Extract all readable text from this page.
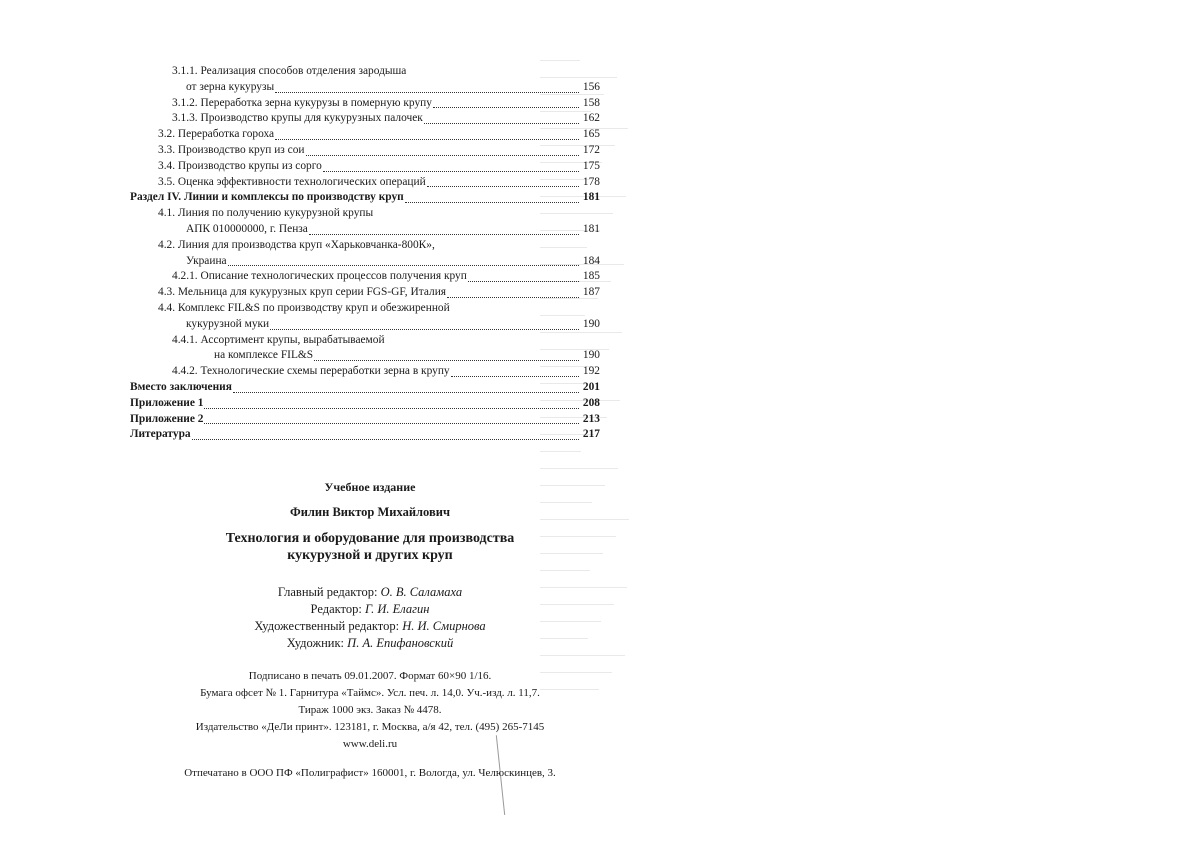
3.1.1. Реализация способов отделения зародыша
от зерна кукурузы	156
3.1.2. Переработка зерна кукурузы в померную крупу	158
3.1.3. Производство крупы для кукурузных палочек	162
3.2. Переработка гороха	165
3.3. Производство круп из сои	172
3.4. Производство крупы из сорго	175
3.5. Оценка эффективности технологических операций	178
Раздел IV. Линии и комплексы по производству круп	181
4.1. Линия по получению кукурузной крупы
АПК 010000000, г. Пенза	181
4.2. Линия для производства круп «Харьковчанка-800К»,
Украина	184
4.2.1. Описание технологических процессов получения круп	185
4.3. Мельница для кукурузных круп серии FGS-GF, Италия	187
4.4. Комплекс FIL&S по производству круп и обезжиренной
кукурузной муки	190
4.4.1. Ассортимент крупы, вырабатываемой
на комплексе FIL&S	190
4.4.2. Технологические схемы переработки зерна в крупу	192
Вместо заключения	201
Приложение 1	208
Приложение 2	213
Литература	217
Учебное издание
Филин Виктор Михайлович
Технология и оборудование для производства
кукурузной и других круп
Главный редактор: О. В. Саламаха
Редактор: Г. И. Елагин
Художественный редактор: Н. И. Смирнова
Художник: П. А. Епифановский
Подписано в печать 09.01.2007. Формат 60×90 1/16.
Бумага офсет № 1. Гарнитура «Таймс». Усл. печ. л. 14,0. Уч.-изд. л. 11,7.
Тираж 1000 экз. Заказ № 4478.
Издательство «ДеЛи принт». 123181, г. Москва, а/я 42, тел. (495) 265-7145
www.deli.ru
Отпечатано в ООО ПФ «Полиграфист» 160001, г. Вологда, ул. Челюскинцев, 3.
